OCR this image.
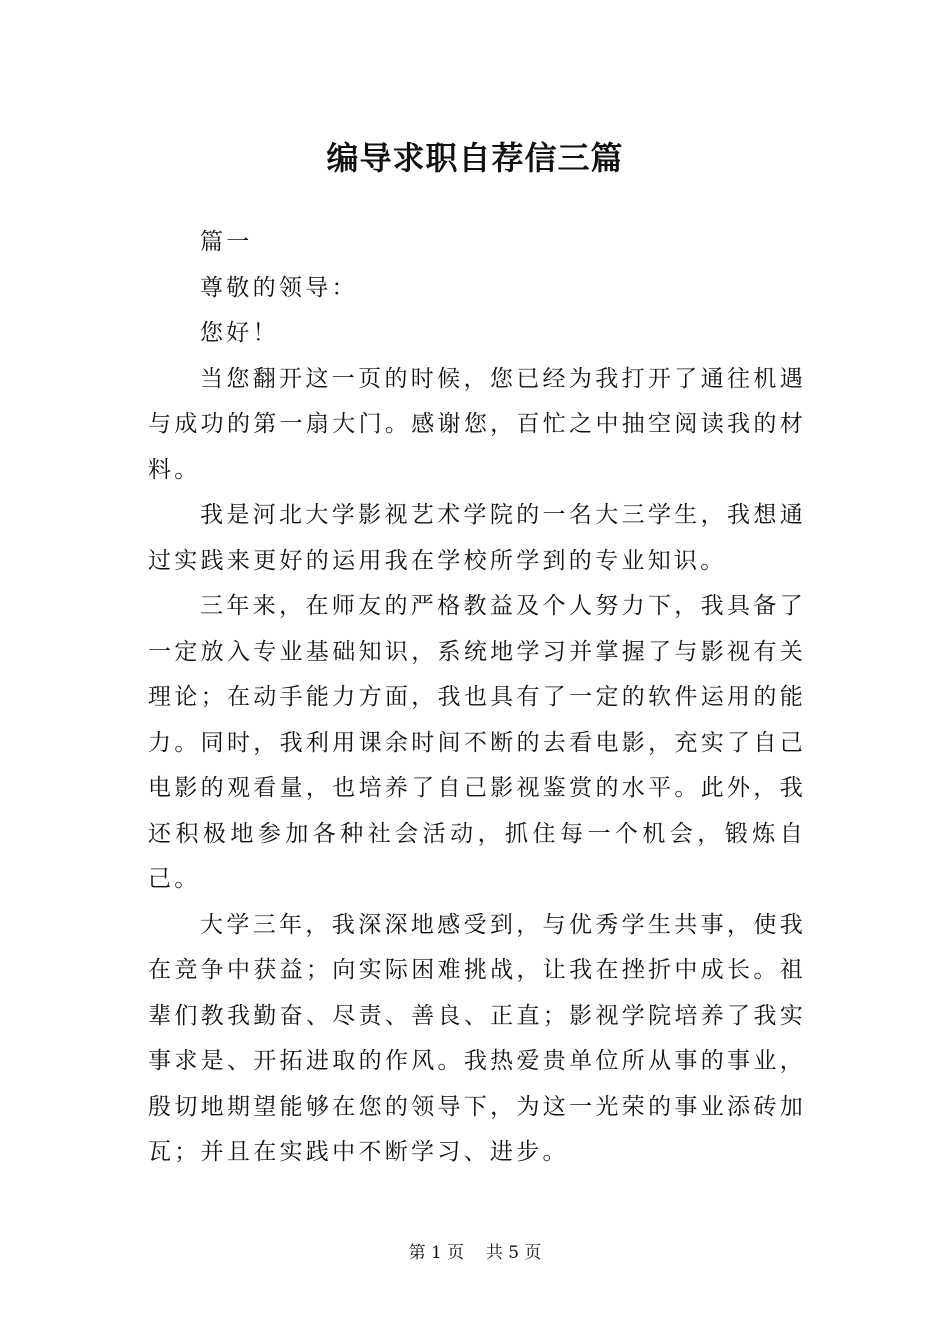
编导求职自荐信三篇

篇一

尊敬的领导：

您好！

当您翻开这一页的时候，您已经为我打开了通往机遇与成功的第一扇大门。感谢您，百忙之中抽空阅读我的材料。

我是河北大学影视艺术学院的一名大三学生，我想通过实践来更好的运用我在学校所学到的专业知识。

三年来，在师友的严格教益及个人努力下，我具备了一定放入专业基础知识，系统地学习并掌握了与影视有关理论；在动手能力方面，我也具有了一定的软件运用的能力。同时，我利用课余时间不断的去看电影，充实了自己电影的观看量，也培养了自己影视鉴赏的水平。此外，我还积极地参加各种社会活动，抓住每一个机会，锻炼自己。

大学三年，我深深地感受到，与优秀学生共事，使我在竞争中获益；向实际困难挑战，让我在挫折中成长。祖辈们教我勤奋、尽责、善良、正直；影视学院培养了我实事求是、开拓进取的作风。我热爱贵单位所从事的事业，殷切地期望能够在您的领导下，为这一光荣的事业添砖加瓦；并且在实践中不断学习、进步。

第 1 页 共 5 页
